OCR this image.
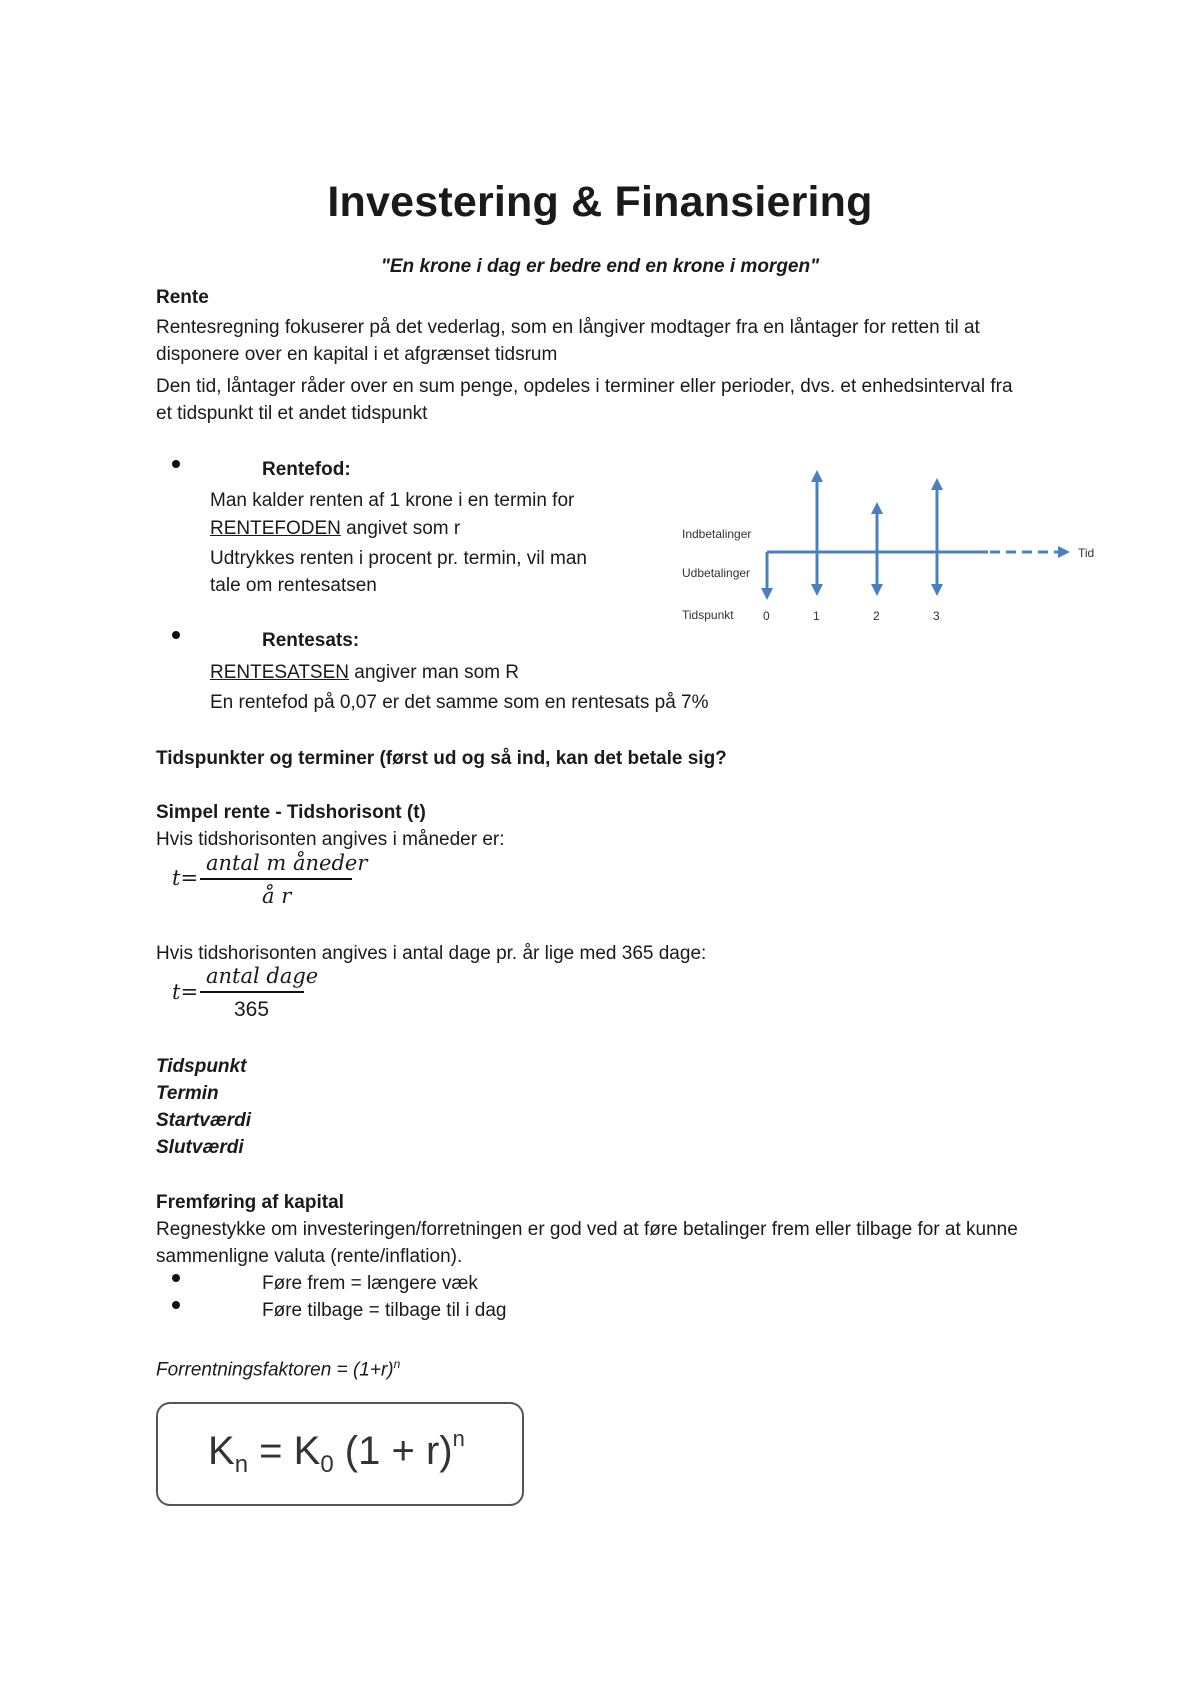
Investering & Finansiering
"En krone i dag er bedre end en krone i morgen"
Rente
Rentesregning fokuserer på det vederlag, som en långiver modtager fra en låntager for retten til at
disponere over en kapital i et afgrænset tidsrum
Den tid, låntager råder over en sum penge, opdeles i terminer eller perioder, dvs. et enhedsinterval fra
et tidspunkt til et andet tidspunkt
Rentefod:
Man kalder renten af 1 krone i en termin for
RENTEFODEN angivet som r
Udtrykkes renten i procent pr. termin, vil man
tale om rentesatsen
Indbetalinger
Udbetalinger
Tidspunkt
Tid
0	1	2	3
Rentesats:
RENTESATSEN angiver man som R
En rentefod på 0,07 er det samme som en rentesats på 7%
Tidspunkter og terminer (først ud og så ind, kan det betale sig?
Simpel rente - Tidshorisont (t)
Hvis tidshorisonten angives i måneder er:
t=
antal m åneder
å r
Hvis tidshorisonten angives i antal dage pr. år lige med 365 dage:
t=
antal dage
365
Tidspunkt
Termin
Startværdi
Slutværdi
Fremføring af kapital
Regnestykke om investeringen/forretningen er god ved at føre betalinger frem eller tilbage for at kunne
sammenligne valuta (rente/inflation).
Føre frem = længere væk
Føre tilbage = tilbage til i dag
Forrentningsfaktoren = $(1+r)^n$
$K_n = K_0$ $(1 + r)^n$
